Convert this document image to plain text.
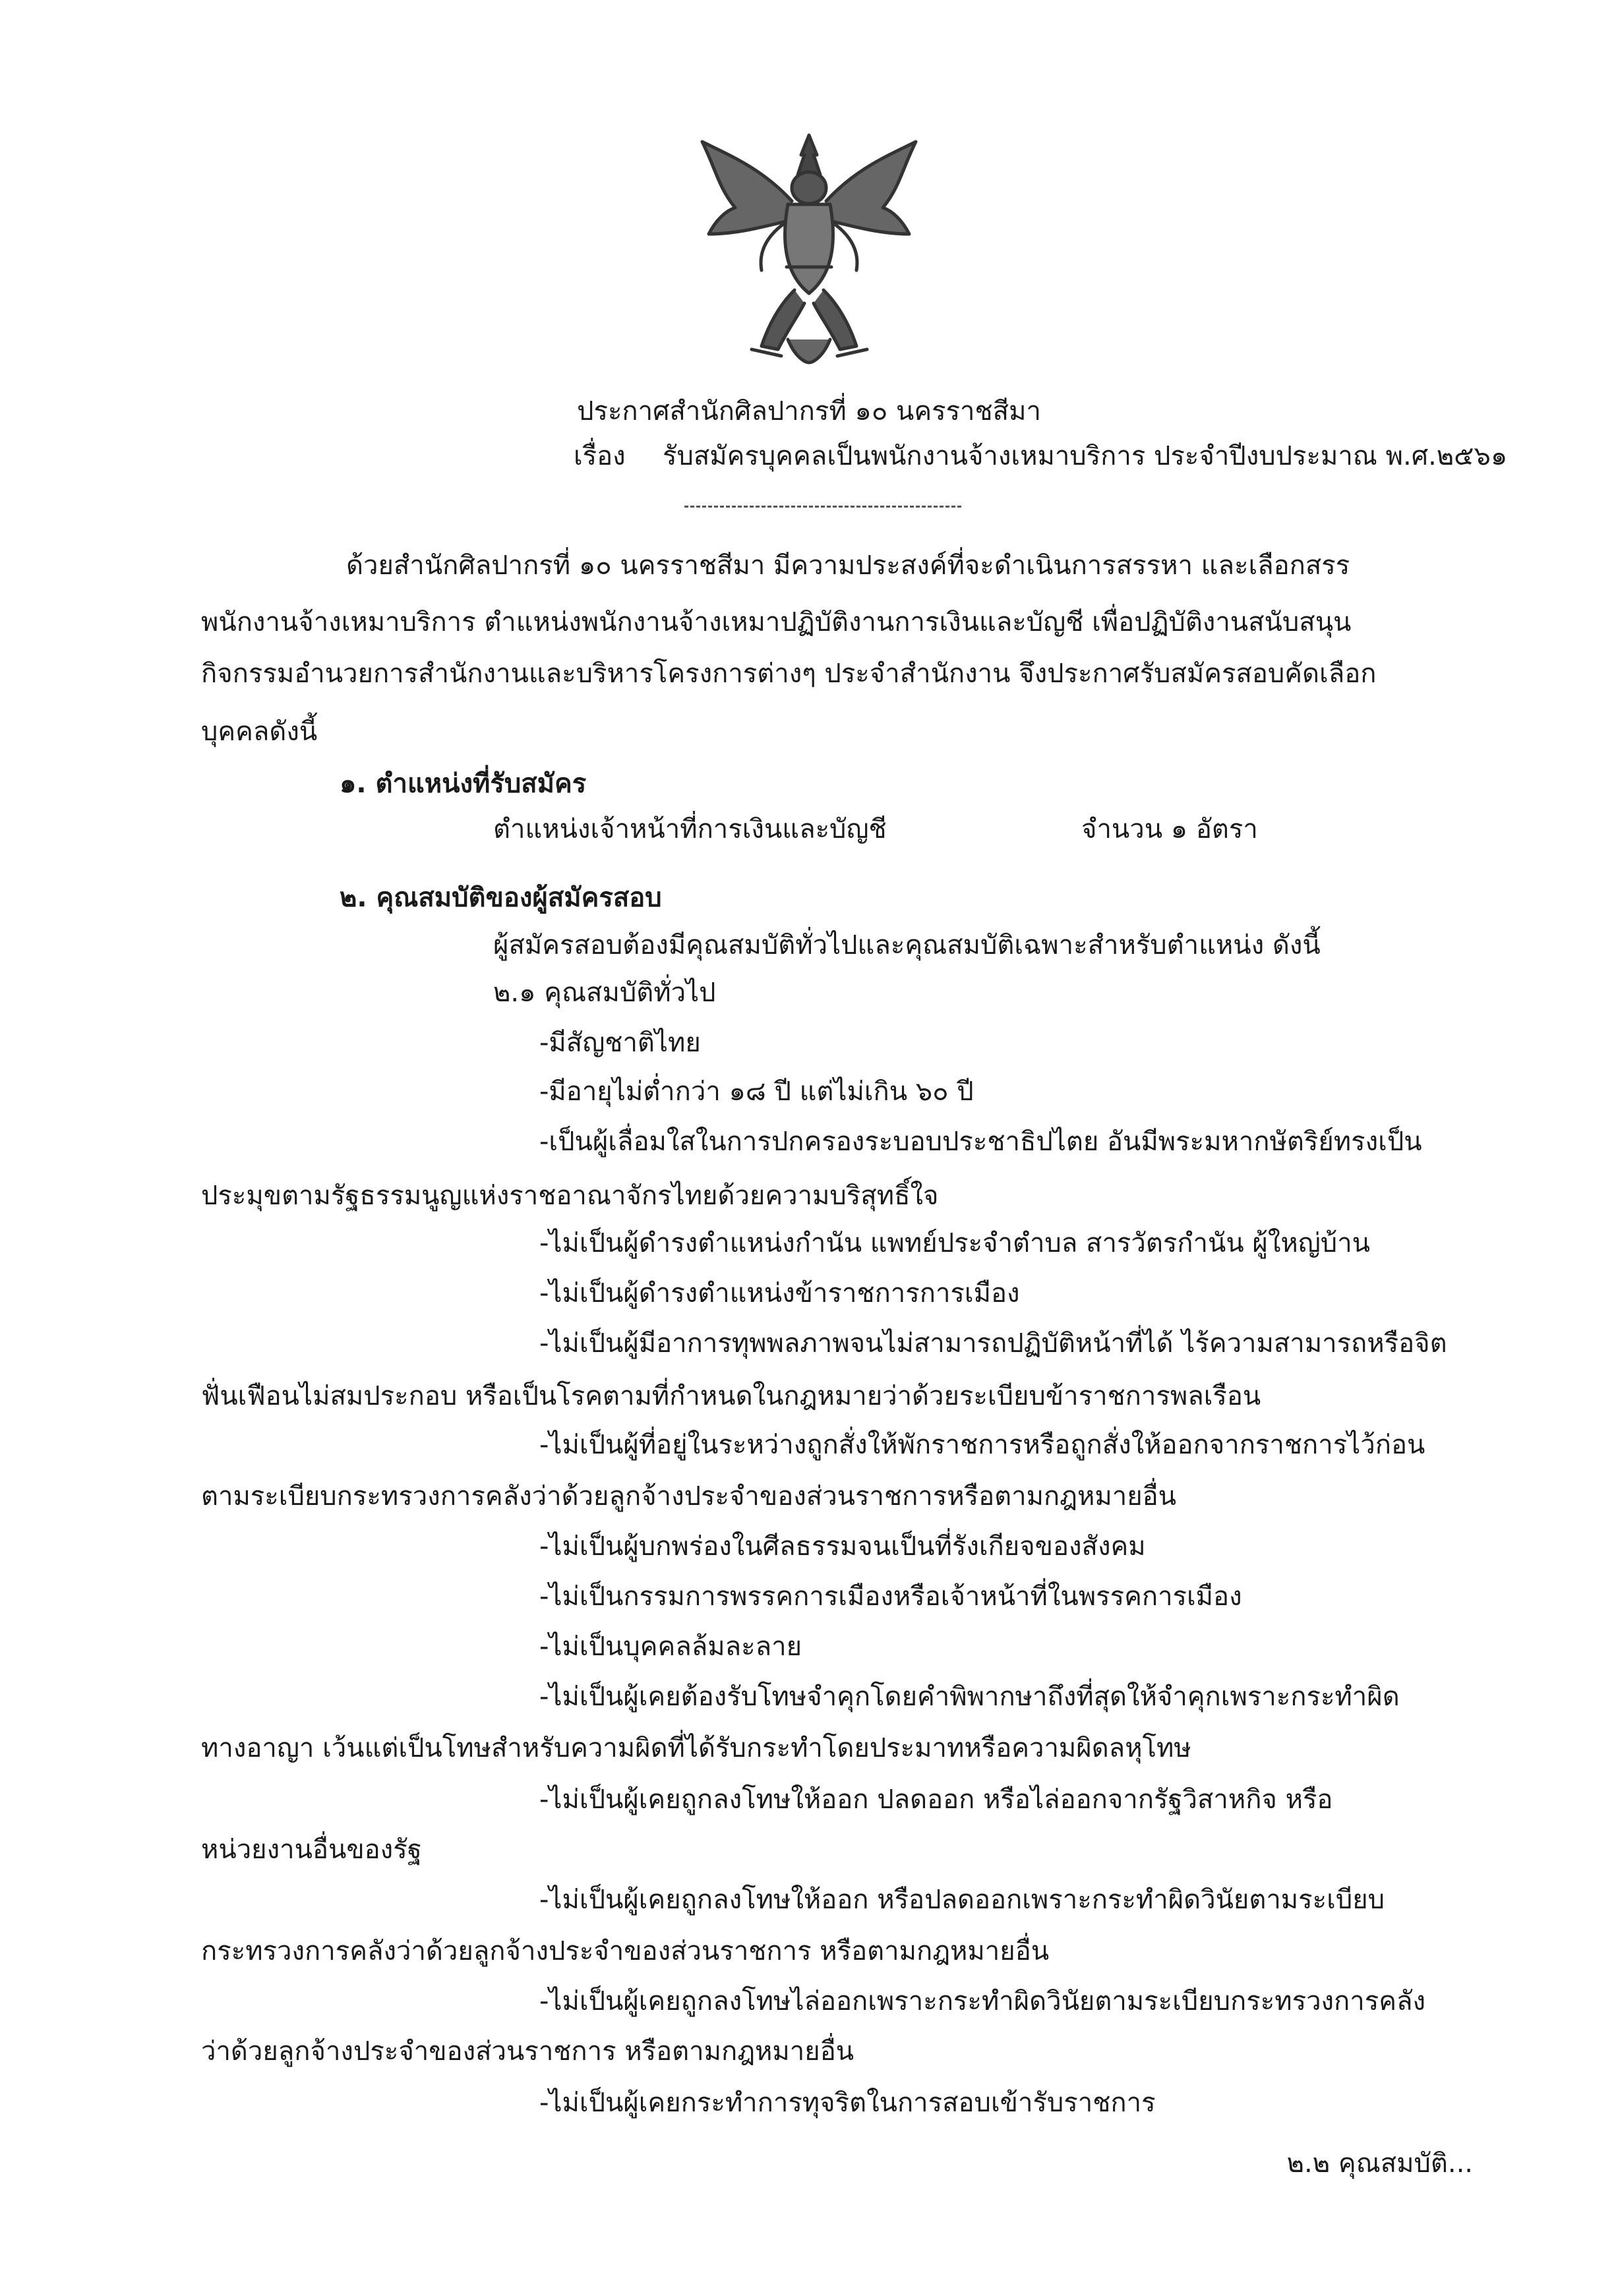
ประกาศสำนักศิลปากรที่ ๑๐ นครราชสีมา
เรื่อง รับสมัครบุคคลเป็นพนักงานจ้างเหมาบริการ ประจำปีงบประมาณ พ.ศ.๒๕๖๑
ด้วยสำนักศิลปากรที่ ๑๐ นครราชสีมา มีความประสงค์ที่จะดำเนินการสรรหา และเลือกสรร
พนักงานจ้างเหมาบริการ ตำแหน่งพนักงานจ้างเหมาปฏิบัติงานการเงินและบัญชี เพื่อปฏิบัติงานสนับสนุน
กิจกรรมอำนวยการสำนักงานและบริหารโครงการต่างๆ ประจำสำนักงาน จึงประกาศรับสมัครสอบคัดเลือก
บุคคลดังนี้
๑. ตำแหน่งที่รับสมัคร
ตำแหน่งเจ้าหน้าที่การเงินและบัญชี	จำนวน ๑ อัตรา
๒. คุณสมบัติของผู้สมัครสอบ
ผู้สมัครสอบต้องมีคุณสมบัติทั่วไปและคุณสมบัติเฉพาะสำหรับตำแหน่ง ดังนี้
๒.๑ คุณสมบัติทั่วไป
-มีสัญชาติไทย
-มีอายุไม่ต่ำกว่า ๑๘ ปี แต่ไม่เกิน ๖๐ ปี
-เป็นผู้เลื่อมใสในการปกครองระบอบประชาธิปไตย อันมีพระมหากษัตริย์ทรงเป็น
ประมุขตามรัฐธรรมนูญแห่งราชอาณาจักรไทยด้วยความบริสุทธิ์ใจ
-ไม่เป็นผู้ดำรงตำแหน่งกำนัน แพทย์ประจำตำบล สารวัตรกำนัน ผู้ใหญ่บ้าน
-ไม่เป็นผู้ดำรงตำแหน่งข้าราชการการเมือง
-ไม่เป็นผู้มีอาการทุพพลภาพจนไม่สามารถปฏิบัติหน้าที่ได้ ไร้ความสามารถหรือจิต
ฟั่นเฟือนไม่สมประกอบ หรือเป็นโรคตามที่กำหนดในกฎหมายว่าด้วยระเบียบข้าราชการพลเรือน
-ไม่เป็นผู้ที่อยู่ในระหว่างถูกสั่งให้พักราชการหรือถูกสั่งให้ออกจากราชการไว้ก่อน
ตามระเบียบกระทรวงการคลังว่าด้วยลูกจ้างประจำของส่วนราชการหรือตามกฎหมายอื่น
-ไม่เป็นผู้บกพร่องในศีลธรรมจนเป็นที่รังเกียจของสังคม
-ไม่เป็นกรรมการพรรคการเมืองหรือเจ้าหน้าที่ในพรรคการเมือง
-ไม่เป็นบุคคลล้มละลาย
-ไม่เป็นผู้เคยต้องรับโทษจำคุกโดยคำพิพากษาถึงที่สุดให้จำคุกเพราะกระทำผิด
ทางอาญา เว้นแต่เป็นโทษสำหรับความผิดที่ได้รับกระทำโดยประมาทหรือความผิดลหุโทษ
-ไม่เป็นผู้เคยถูกลงโทษให้ออก ปลดออก หรือไล่ออกจากรัฐวิสาหกิจ หรือ
หน่วยงานอื่นของรัฐ
-ไม่เป็นผู้เคยถูกลงโทษให้ออก หรือปลดออกเพราะกระทำผิดวินัยตามระเบียบ
กระทรวงการคลังว่าด้วยลูกจ้างประจำของส่วนราชการ หรือตามกฎหมายอื่น
-ไม่เป็นผู้เคยถูกลงโทษไล่ออกเพราะกระทำผิดวินัยตามระเบียบกระทรวงการคลัง
ว่าด้วยลูกจ้างประจำของส่วนราชการ หรือตามกฎหมายอื่น
-ไม่เป็นผู้เคยกระทำการทุจริตในการสอบเข้ารับราชการ
๒.๒ คุณสมบัติ...
